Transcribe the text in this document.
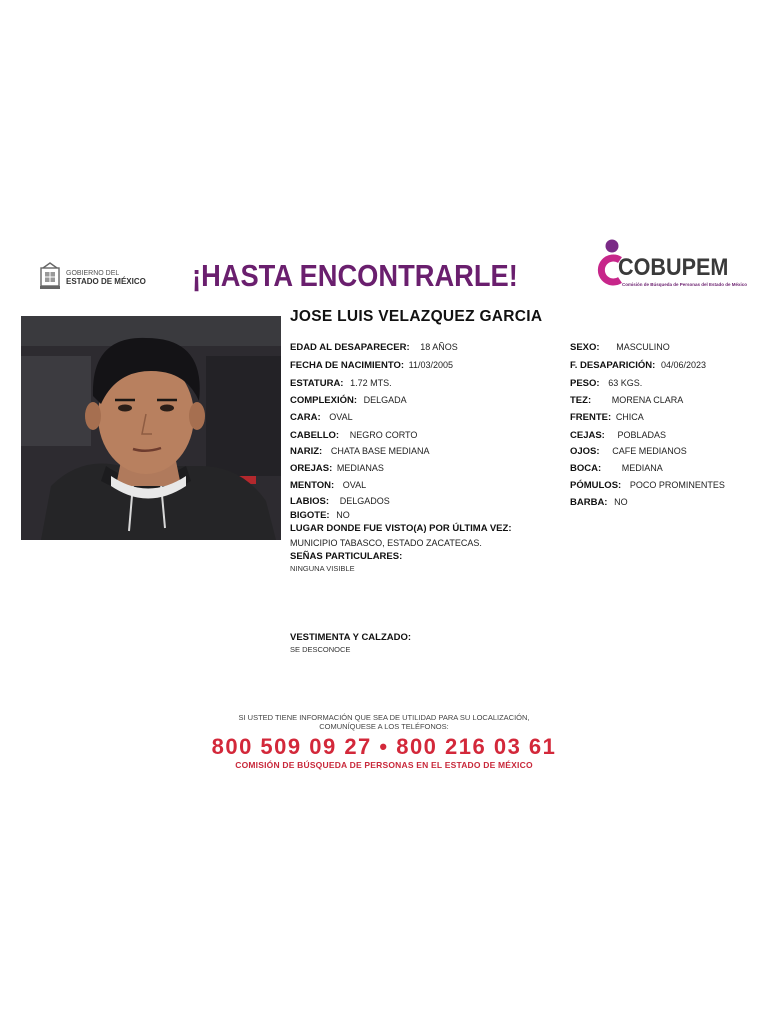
GOBIERNO DEL
ESTADO DE MÉXICO ¡HASTA ENCONTRARLE!	COBUPEM
Comisión de Búsqueda de Personas del Estado de México
JOSE LUIS VELAZQUEZ GARCIA
EDAD AL DESAPARECER: 18 AÑOS
FECHA DE NACIMIENTO: 11/03/2005
ESTATURA: 1.72 MTS.
COMPLEXIÓN: DELGADA
CARA: OVAL
CABELLO: NEGRO CORTO
NARIZ: CHATA BASE MEDIANA
OREJAS: MEDIANAS
MENTON: OVAL
LABIOS: DELGADOS
BIGOTE: NO
SEXO: MASCULINO
F. DESAPARICIÓN: 04/06/2023
PESO: 63 KGS.
TEZ: MORENA CLARA
FRENTE: CHICA
CEJAS: POBLADAS
OJOS: CAFE MEDIANOS
BOCA: MEDIANA
PÓMULOS: POCO PROMINENTES
BARBA: NO
LUGAR DONDE FUE VISTO(A) POR ÚLTIMA VEZ:
MUNICIPIO TABASCO, ESTADO ZACATECAS.
SEÑAS PARTICULARES:
NINGUNA VISIBLE
VESTIMENTA Y CALZADO:
SE DESCONOCE
SI USTED TIENE INFORMACIÓN QUE SEA DE UTILIDAD PARA SU LOCALIZACIÓN,
COMUNÍQUESE A LOS TELÉFONOS:
800 509 09 27 • 800 216 03 61
COMISIÓN DE BÚSQUEDA DE PERSONAS EN EL ESTADO DE MÉXICO
